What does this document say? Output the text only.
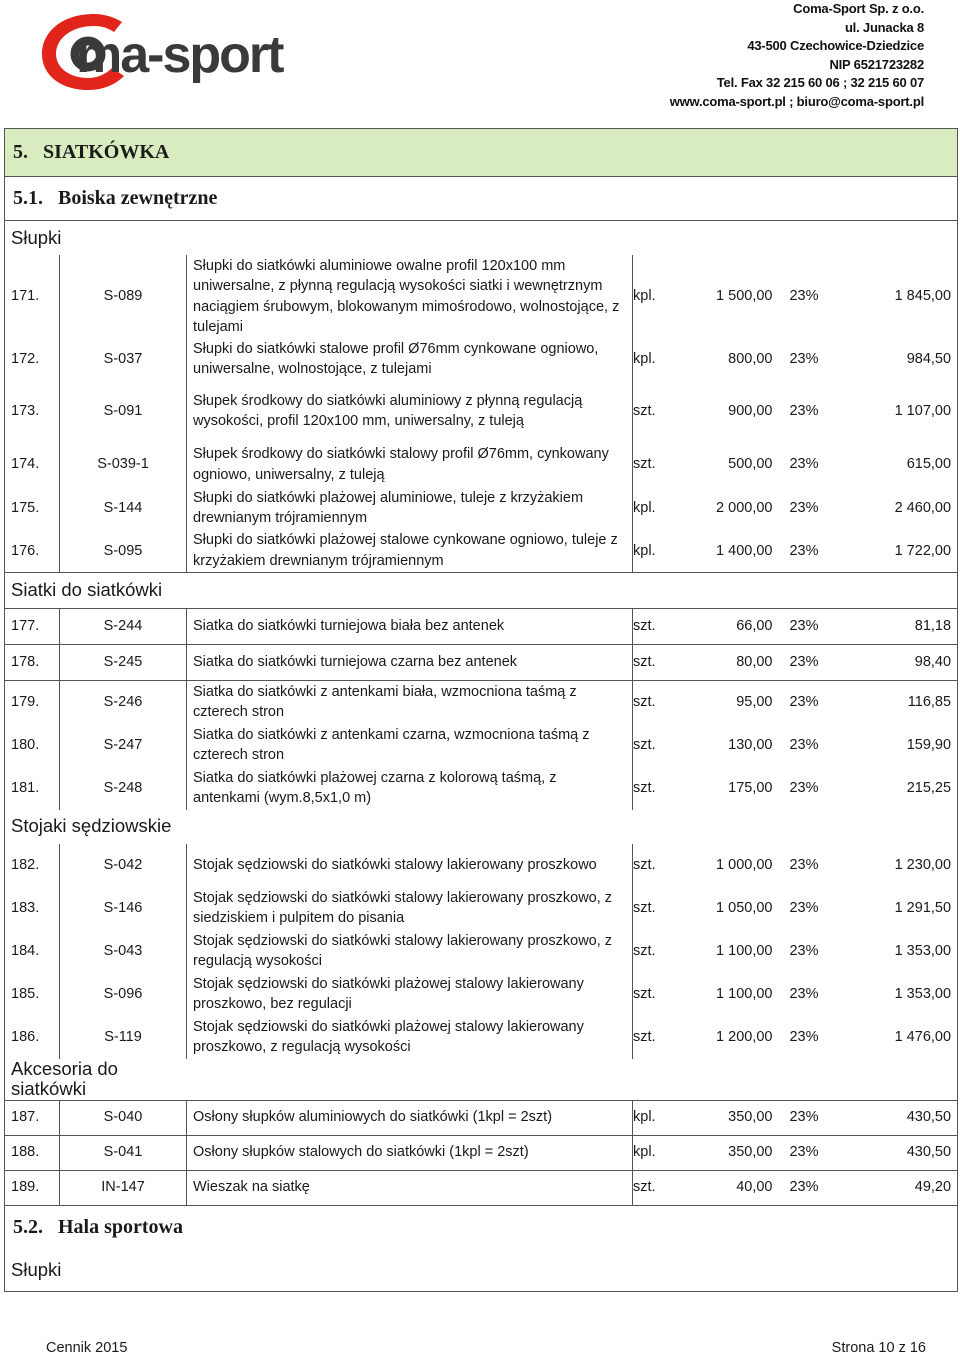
ma-sport
Coma-Sport Sp. z o.o.
ul. Junacka 8
43-500 Czechowice-Dziedzice
NIP 6521723282
Tel. Fax 32 215 60 06 ; 32 215 60 07
www.coma-sport.pl ; biuro@coma-sport.pl
5. SIATKÓWKA						
5.1. Boiska zewnętrzne						
Słupki						
171.	S-089	Słupki do siatkówki aluminiowe owalne profil 120x100 mm uniwersalne, z płynną regulacją wysokości siatki i wewnętrznym naciągiem śrubowym, blokowanym mimośrodowo, wolnostojące, z tulejami	kpl.	1 500,00	23%	1 845,00
172.	S-037	Słupki do siatkówki stalowe profil Ø76mm cynkowane ogniowo, uniwersalne, wolnostojące, z tulejami	kpl.	800,00	23%	984,50
173.	S-091	Słupek środkowy do siatkówki aluminiowy z płynną regulacją wysokości, profil 120x100 mm, uniwersalny, z tuleją	szt.	900,00	23%	1 107,00
174.	S-039-1	Słupek środkowy do siatkówki stalowy profil Ø76mm, cynkowany ogniowo, uniwersalny, z tuleją	szt.	500,00	23%	615,00
175.	S-144	Słupki do siatkówki plażowej aluminiowe, tuleje z krzyżakiem drewnianym trójramiennym	kpl.	2 000,00	23%	2 460,00
176.	S-095	Słupki do siatkówki plażowej stalowe cynkowane ogniowo, tuleje z krzyżakiem drewnianym trójramiennym	kpl.	1 400,00	23%	1 722,00
Siatki do siatkówki						
177.	S-244	Siatka do siatkówki turniejowa biała bez antenek	szt.	66,00	23%	81,18
178.	S-245	Siatka do siatkówki turniejowa czarna bez antenek	szt.	80,00	23%	98,40
179.	S-246	Siatka do siatkówki z antenkami biała, wzmocniona taśmą z czterech stron	szt.	95,00	23%	116,85
180.	S-247	Siatka do siatkówki z antenkami czarna, wzmocniona taśmą z czterech stron	szt.	130,00	23%	159,90
181.	S-248	Siatka do siatkówki plażowej czarna z kolorową taśmą, z antenkami (wym.8,5x1,0 m)	szt.	175,00	23%	215,25
Stojaki sędziowskie						
182.	S-042	Stojak sędziowski do siatkówki stalowy lakierowany proszkowo	szt.	1 000,00	23%	1 230,00
183.	S-146	Stojak sędziowski do siatkówki stalowy lakierowany proszkowo, z siedziskiem i pulpitem do pisania	szt.	1 050,00	23%	1 291,50
184.	S-043	Stojak sędziowski do siatkówki stalowy lakierowany proszkowo, z regulacją wysokości	szt.	1 100,00	23%	1 353,00
185.	S-096	Stojak sędziowski do siatkówki plażowej stalowy lakierowany proszkowo, bez regulacji	szt.	1 100,00	23%	1 353,00
186.	S-119	Stojak sędziowski do siatkówki plażowej stalowy lakierowany proszkowo, z regulacją wysokości	szt.	1 200,00	23%	1 476,00
Akcesoria do siatkówki						
187.	S-040	Osłony słupków aluminiowych do siatkówki (1kpl = 2szt)	kpl.	350,00	23%	430,50
188.	S-041	Osłony słupków stalowych do siatkówki (1kpl = 2szt)	kpl.	350,00	23%	430,50
189.	IN-147	Wieszak na siatkę	szt.	40,00	23%	49,20
5.2. Hala sportowa						
Słupki						
Cennik 2015	Strona 10 z 16
